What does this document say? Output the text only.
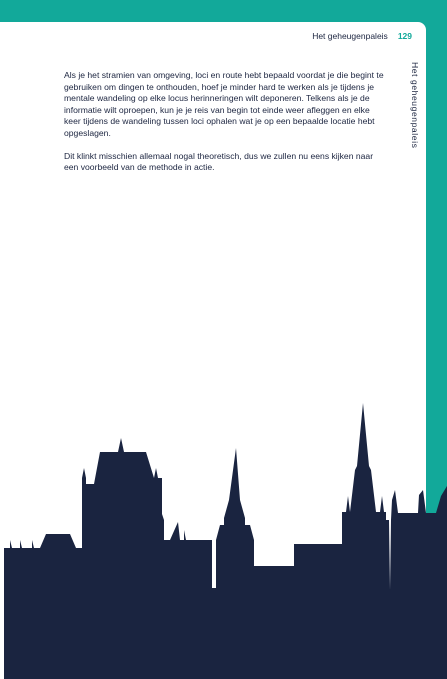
Het geheugenpaleis 129
Het geheugenpaleis

Als je het stramien van omgeving, loci en route hebt bepaald voordat je die begint te gebruiken om dingen te onthouden, hoef je minder hard te werken als je tijdens je mentale wandeling op elke locus herinneringen wilt deponeren. Telkens als je de informatie wilt oproepen, kun je je reis van begin tot einde weer afleggen en elke keer tijdens de wandeling tussen loci ophalen wat je op een bepaalde locatie hebt opgeslagen.

Dit klinkt misschien allemaal nogal theoretisch, dus we zullen nu eens kijken naar een voorbeeld van de methode in actie.
